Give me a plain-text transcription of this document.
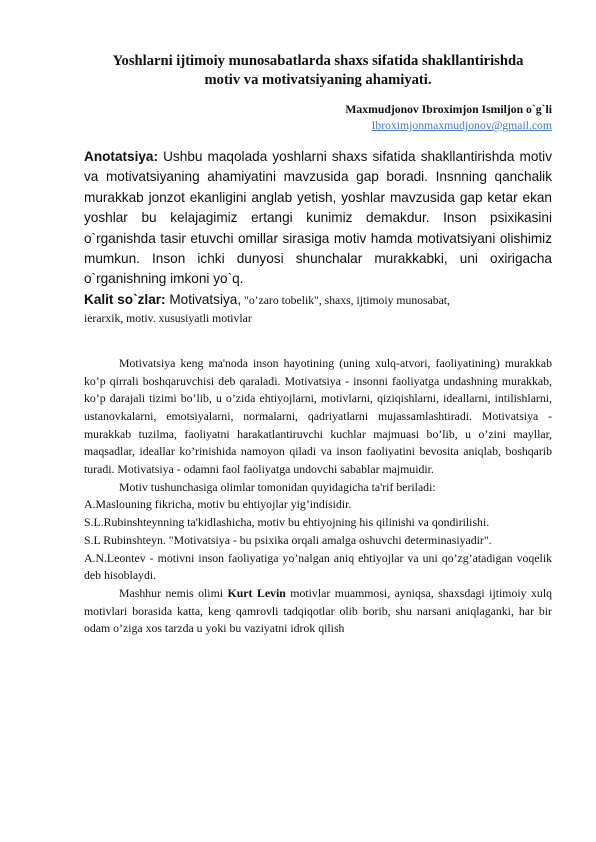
Yoshlarni ijtimoiy munosabatlarda shaxs sifatida shakllantirishda
motiv va motivatsiyaning ahamiyati.
Maxmudjonov Ibroximjon Ismiljon o`g`li
Ibroximjonmaxmudjonov@gmail.com
Anotatsiya: Ushbu maqolada yoshlarni shaxs sifatida shakllantirishda motiv va motivatsiyaning ahamiyatini mavzusida gap boradi. Insnning qanchalik murakkab jonzot ekanligini anglab yetish, yoshlar mavzusida gap ketar ekan yoshlar bu kelajagimiz ertangi kunimiz demakdur. Inson psixikasini o`rganishda tasir etuvchi omillar sirasiga motiv hamda motivatsiyani olishimiz mumkun. Inson ichki dunyosi shunchalar murakkabki, uni oxirigacha o`rganishning imkoni yo`q.
Kalit so`zlar: Motivatsiya, "o’zaro tobelik", shaxs, ijtimoiy munosabat,
ierarxik, motiv. xususiyatli motivlar

Motivatsiya keng ma'noda inson hayotining (uning xulq-atvori, faoliyatining) murakkab ko’p qirrali boshqaruvchisi deb qaraladi. Motivatsiya - insonni faoliyatga undashning murakkab, ko’p darajali tizimi bo’lib, u o’zida ehtiyojlarni, motivlarni, qiziqishlarni, ideallarni, intilishlarni, ustanovkalarni, emotsiyalarni, normalarni, qadriyatlarni mujassamlashtiradi. Motivatsiya - murakkab tuzilma, faoliyatni harakatlantiruvchi kuchlar majmuasi bo’lib, u o’zini mayllar, maqsadlar, ideallar ko’rinishida namoyon qiladi va inson faoliyatini bevosita aniqlab, boshqarib turadi. Motivatsiya - odamni faol faoliyatga undovchi sabablar majmuidir.

Motiv tushunchasiga olimlar tomonidan quyidagicha ta'rif beriladi:

A.Maslouning fikricha, motiv bu ehtiyojlar yig’indisidir.

S.L.Rubinshteynning ta'kidlashicha, motiv bu ehtiyojning his qilinishi va qondirilishi.

S.L Rubinshteyn. "Motivatsiya - bu psixika orqali amalga oshuvchi determinasiyadir".

A.N.Leontev - motivni inson faoliyatiga yo’nalgan aniq ehtiyojlar va uni qo’zg’atadigan voqelik deb hisoblaydi.

Mashhur nemis olimi Kurt Levin motivlar muammosi, ayniqsa, shaxsdagi ijtimoiy xulq motivlari borasida katta, keng qamrovli tadqiqotlar olib borib, shu narsani aniqlaganki, har bir odam o’ziga xos tarzda u yoki bu vaziyatni idrok qilish
